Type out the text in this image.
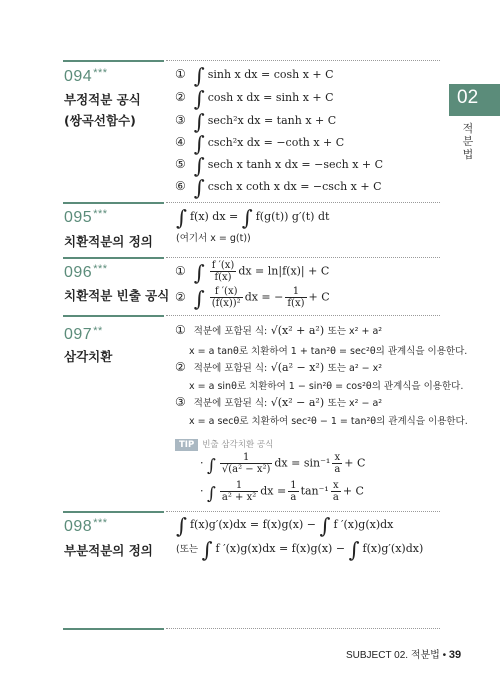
02
적분법
094***
부정적분 공식
(쌍곡선함수)
① ∫ sinh x dx = cosh x + C
② ∫ cosh x dx = sinh x + C
③ ∫ sech²x dx = tanh x + C
④ ∫ csch²x dx = −coth x + C
⑤ ∫ sech x tanh x dx = −sech x + C
⑥ ∫ csch x coth x dx = −csch x + C
095***
치환적분의 정의
∫ f(x) dx = ∫ f(g(t)) g′(t) dt
(여기서 x = g(t))
096***
치환적분 빈출 공식
① ∫ $\frac{f '(x)}{f(x)}$ dx = ln|f(x)| + C
② ∫ $\frac{f '(x)}{\text{(f(x))²}}$ dx = − $\frac{1}{f(x)} + C$
097**
삼각치환
① 적분에 포함된 식: √(x² + a²) 또는 x² + a²
x = a tanθ로 치환하여 1 + tan²θ = sec²θ의 관계식을 이용한다.
② 적분에 포함된 식: √(a² − x²) 또는 a² − x²
x = a sinθ로 치환하여 1 − sin²θ = cos²θ의 관계식을 이용한다.
③ 적분에 포함된 식: √(x² − a²) 또는 x² − a²
x = a secθ로 치환하여 sec²θ − 1 = tan²θ의 관계식을 이용한다.
TIP 빈출 삼각치환 공식
· ∫ $\frac{1}{\text{√(a² − x²)}}$ dx = $\sin^{-1} \frac{x}{a} + C$
· ∫ $\frac{1}{\text{a² + x²}}$ dx = $\frac{1}{a} \tan^{-1} \frac{x}{a} + C$
098***
부분적분의 정의
∫ f(x)g′(x)dx = f(x)g(x) − ∫ f ′(x)g(x)dx
(또는 ∫ f ′(x)g(x)dx = f(x)g(x) − ∫ f(x)g′(x)dx)
SUBJECT 02. 적분법 • 39
